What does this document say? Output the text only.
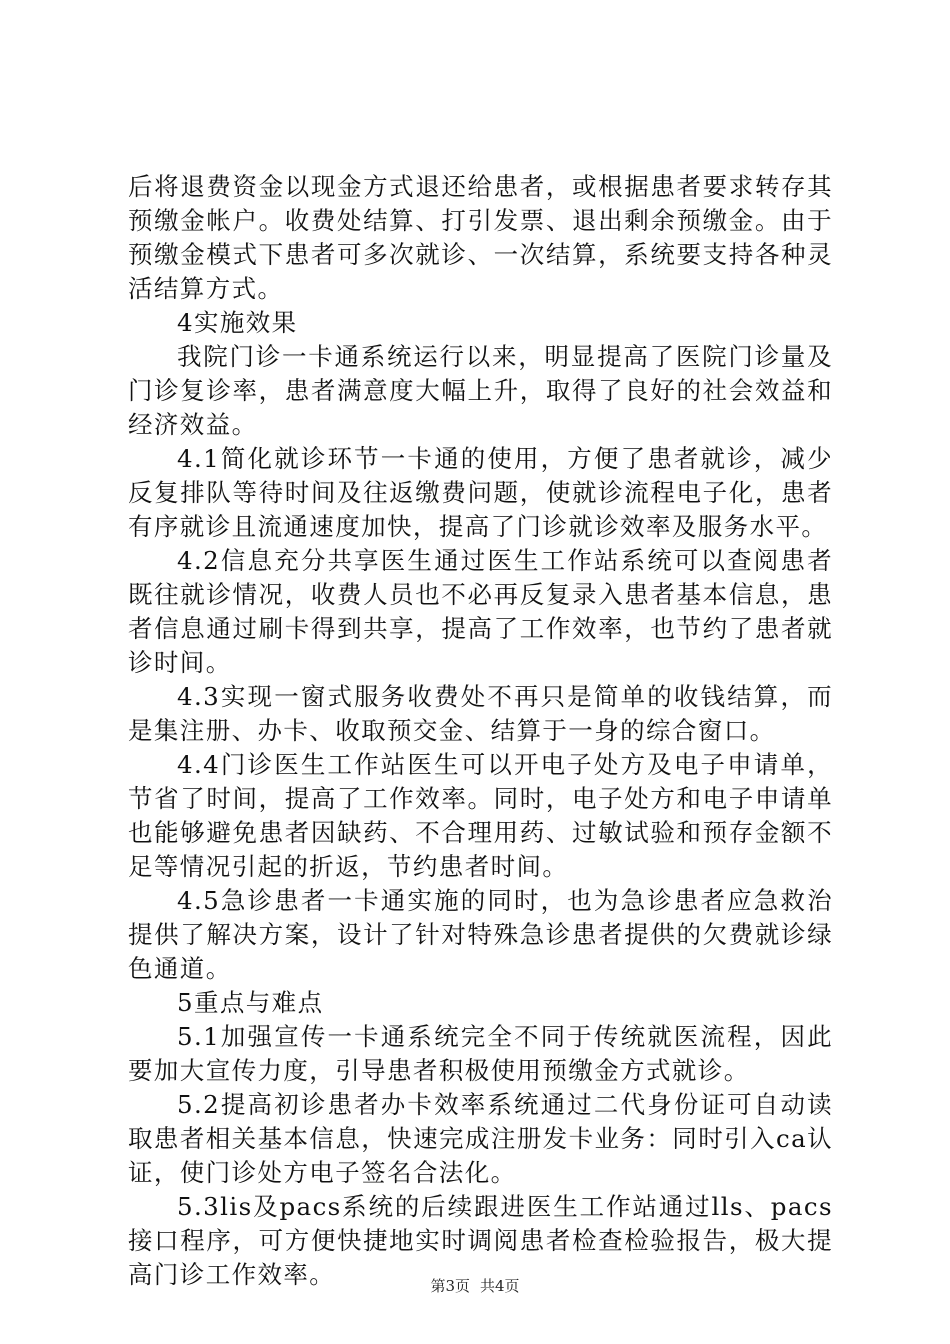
后将退费资金以现金方式退还给患者，或根据患者要求转存其预缴金帐户。收费处结算、打引发票、退出剩余预缴金。由于预缴金模式下患者可多次就诊、一次结算，系统要支持各种灵活结算方式。

4实施效果

我院门诊一卡通系统运行以来，明显提高了医院门诊量及门诊复诊率，患者满意度大幅上升，取得了良好的社会效益和经济效益。

4.1简化就诊环节一卡通的使用，方便了患者就诊，减少反复排队等待时间及往返缴费问题，使就诊流程电子化，患者有序就诊且流通速度加快，提高了门诊就诊效率及服务水平。

4.2信息充分共享医生通过医生工作站系统可以查阅患者既往就诊情况，收费人员也不必再反复录入患者基本信息，患者信息通过刷卡得到共享，提高了工作效率，也节约了患者就诊时间。

4.3实现一窗式服务收费处不再只是简单的收钱结算，而是集注册、办卡、收取预交金、结算于一身的综合窗口。

4.4门诊医生工作站医生可以开电子处方及电子申请单，节省了时间，提高了工作效率。同时，电子处方和电子申请单也能够避免患者因缺药、不合理用药、过敏试验和预存金额不足等情况引起的折返，节约患者时间。

4.5急诊患者一卡通实施的同时，也为急诊患者应急救治提供了解决方案，设计了针对特殊急诊患者提供的欠费就诊绿色通道。

5重点与难点

5.1加强宣传一卡通系统完全不同于传统就医流程，因此要加大宣传力度，引导患者积极使用预缴金方式就诊。

5.2提高初诊患者办卡效率系统通过二代身份证可自动读取患者相关基本信息，快速完成注册发卡业务：同时引入ca认证，使门诊处方电子签名合法化。

5.3lis及pacs系统的后续跟进医生工作站通过lls、pacs接口程序，可方便快捷地实时调阅患者检查检验报告，极大提高门诊工作效率。	第3页 共4页
